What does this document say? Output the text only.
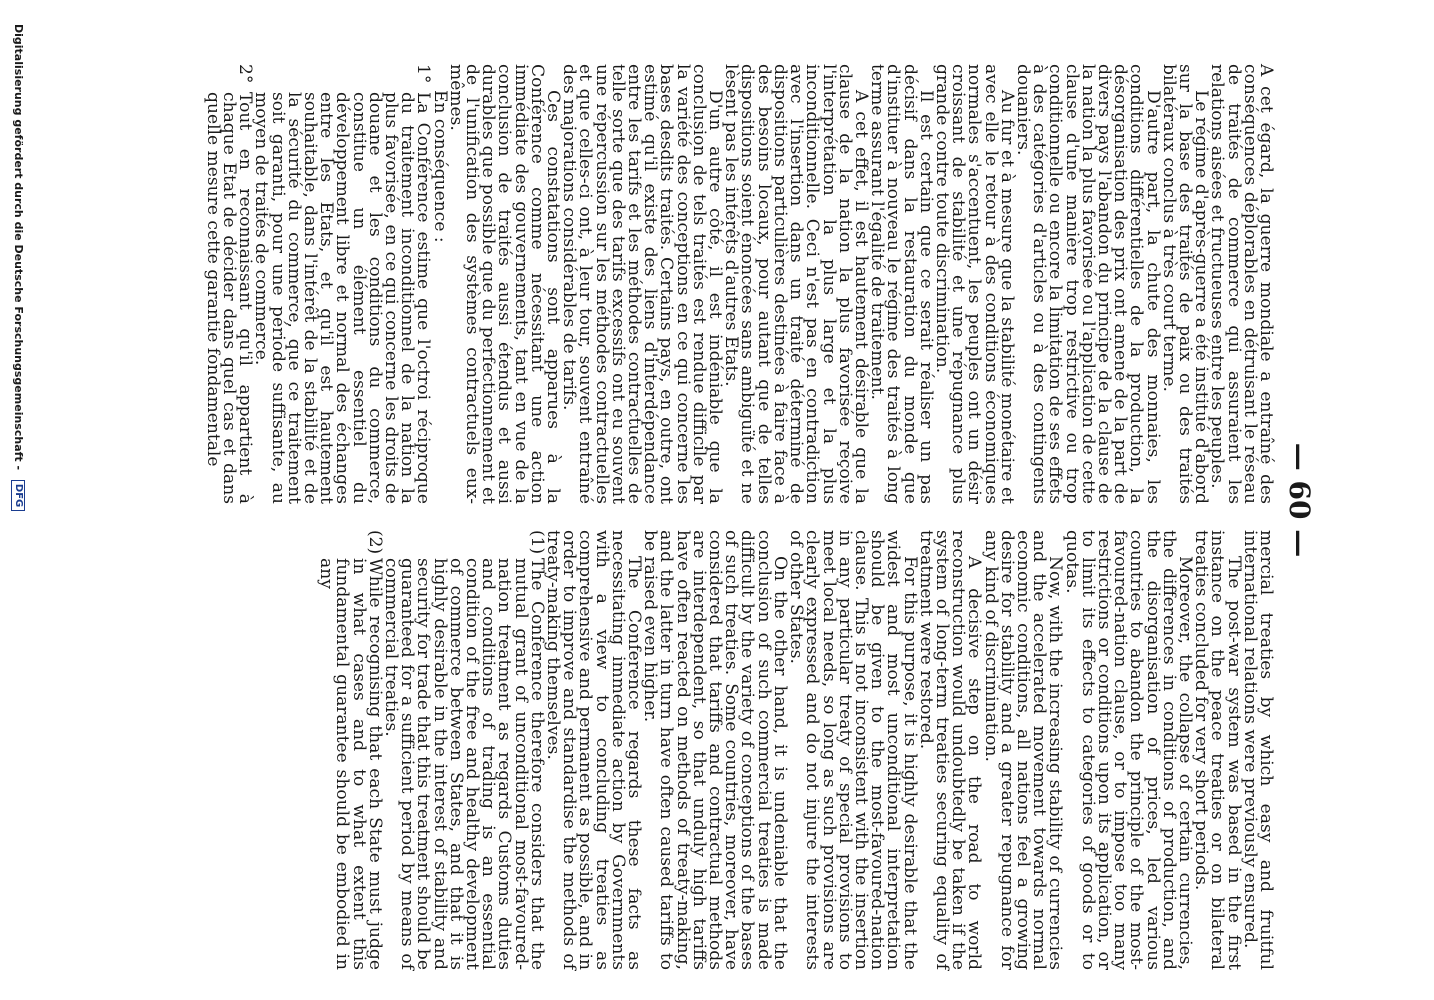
— 60 —

A cet égard, la guerre mondiale a entraîné des conséquences déplorables en détruisant le réseau de traités de commerce qui assuraient les relations aisées et fructueuses entre les peuples.

Le régime d'après-guerre a été institué d'abord sur la base des traités de paix ou des traités bilatéraux conclus à très court terme.

D'autre part, la chute des monnaies, les conditions différentielles de la production, la désorganisation des prix ont amené de la part de divers pays l'abandon du principe de la clause de la nation la plus favorisée ou l'application de cette clause d'une manière trop restrictive ou trop conditionnelle ou encore la limitation de ses effets à des catégories d'articles ou à des contingents douaniers.

Au fur et à mesure que la stabilité monétaire et avec elle le retour à des conditions économiques normales s'accentuent, les peuples ont un désir croissant de stabilité et une répugnance plus grande contre toute discrimination.

Il est certain que ce serait réaliser un pas décisif dans la restauration du monde que d'instituer à nouveau le régime des traités à long terme assurant l'égalité de traitement.

A cet effet, il est hautement désirable que la clause de la nation la plus favorisée reçoive l'interprétation la plus large et la plus inconditionnelle. Ceci n'est pas en contradiction avec l'insertion dans un traité déterminé de dispositions particulières destinées à faire face à des besoins locaux, pour autant que de telles dispositions soient énoncées sans ambiguïté et ne lèsent pas les intérêts d'autres Etats.

D'un autre côté, il est indéniable que la conclusion de tels traités est rendue difficile par la variété des conceptions en ce qui concerne les bases desdits traités. Certains pays, en outre, ont estimé qu'il existe des liens d'interdépendance entre les tarifs et les méthodes contractuelles de telle sorte que des tarifs excessifs ont eu souvent une répercussion sur les méthodes contractuelles et que celles-ci ont, à leur tour, souvent entraîné des majorations considérables de tarifs.

Ces constatations sont apparues à la Conférence comme nécessitant une action immédiate des gouvernements, tant en vue de la conclusion de traités aussi étendus et aussi durables que possible que du perfectionnement et de l'unification des systèmes contractuels eux-mêmes.

En conséquence :

1°
La Conférence estime que l'octroi réciproque du traitement inconditionnel de la nation la plus favorisée, en ce qui concerne les droits de douane et les conditions du commerce, constitue un élément essentiel du développement libre et normal des échanges entre les Etats, et qu'il est hautement souhaitable, dans l'intérêt de la stabilité et de la sécurité du commerce, que ce traitement soit garanti, pour une période suffisante, au moyen de traités de commerce.
2°
Tout en reconnaissant qu'il appartient à chaque Etat de décider dans quel cas et dans quelle mesure cette garantie fondamentale

mercial treaties by which easy and fruitful international relations were previously ensured.

The post-war system was based in the first instance on the peace treaties or on bilateral treaties concluded for very short periods.

Moreover, the collapse of certain currencies, the differences in conditions of production, and the disorganisation of prices, led various countries to abandon the principle of the most-favoured-nation clause, or to impose too many restrictions or conditions upon its application, or to limit its effects to categories of goods or to quotas.

Now, with the increasing stability of currencies and the accelerated movement towards normal economic conditions, all nations feel a growing desire for stability and a greater repugnance for any kind of discrimination.

A decisive step on the road to world reconstruction would undoubtedly be taken if the system of long-term treaties securing equality of treatment were restored.

For this purpose, it is highly desirable that the widest and most unconditional interpretation should be given to the most-favoured-nation clause. This is not inconsistent with the insertion in any particular treaty of special provisions to meet local needs, so long as such provisions are clearly expressed and do not injure the interests of other States.

On the other hand, it is undeniable that the conclusion of such commercial treaties is made difficult by the variety of conceptions of the bases of such treaties. Some countries, moreover, have considered that tariffs and contractual methods are interdependent, so that unduly high tariffs have often reacted on methods of treaty-making, and the latter in turn have often caused tariffs to be raised even higher.

The Conference regards these facts as necessitating immediate action by Governments with a view to concluding treaties as comprehensive and permanent as possible, and in order to improve and standardise the methods of treaty-making themselves.

(1)
The Conference therefore considers that the mutual grant of unconditional most-favoured-nation treatment as regards Customs duties and conditions of trading is an essential condition of the free and healthy development of commerce between States, and that it is highly desirable in the interest of stability and security for trade that this treatment should be guaranteed for a sufficient period by means of commercial treaties.
(2)
While recognising that each State must judge in what cases and to what extent this fundamental guarantee should be embodied in any
Digitalisierung gefördert durch die Deutsche Forschungsgemeinschaft - DFG
